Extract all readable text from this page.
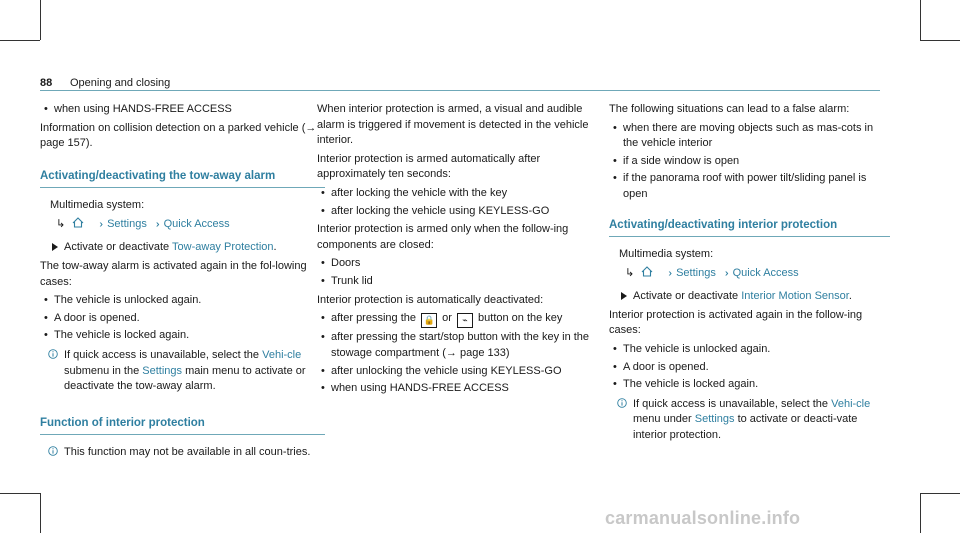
88 Opening and closing
• when using HANDS-FREE ACCESS

Information on collision detection on a parked vehicle (→ page 157).

Activating/deactivating the tow-away alarm

Multimedia system:

↳	›› Settings ›› Quick Access
Activate or deactivate Tow-away Protection.

The tow-away alarm is activated again in the fol-lowing cases:

• The vehicle is unlocked again.
• A door is opened.
• The vehicle is locked again.
If quick access is unavailable, select the Vehi-cle submenu in the Settings main menu to activate or deactivate the tow-away alarm.
Function of interior protection
This function may not be available in all coun-tries.

When interior protection is armed, a visual and audible alarm is triggered if movement is detected in the vehicle interior.

Interior protection is armed automatically after approximately ten seconds:

• after locking the vehicle with the key
• after locking the vehicle using KEYLESS-GO

Interior protection is armed only when the follow-ing components are closed:

• Doors
• Trunk lid

Interior protection is automatically deactivated:

• after pressing the 🔒 or ⌁ button on the key
• after pressing the start/stop button with the key in the stowage compartment (→ page 133)
• after unlocking the vehicle using KEYLESS-GO
• when using HANDS-FREE ACCESS

The following situations can lead to a false alarm:

• when there are moving objects such as mas-cots in the vehicle interior
• if a side window is open
• if the panorama roof with power tilt/sliding panel is open
Activating/deactivating interior protection

Multimedia system:

↳	›› Settings ›› Quick Access
Activate or deactivate Interior Motion Sensor.

Interior protection is activated again in the follow-ing cases:

• The vehicle is unlocked again.
• A door is opened.
• The vehicle is locked again.
If quick access is unavailable, select the Vehi-cle menu under Settings to activate or deacti-vate interior protection.
carmanualsonline.info
